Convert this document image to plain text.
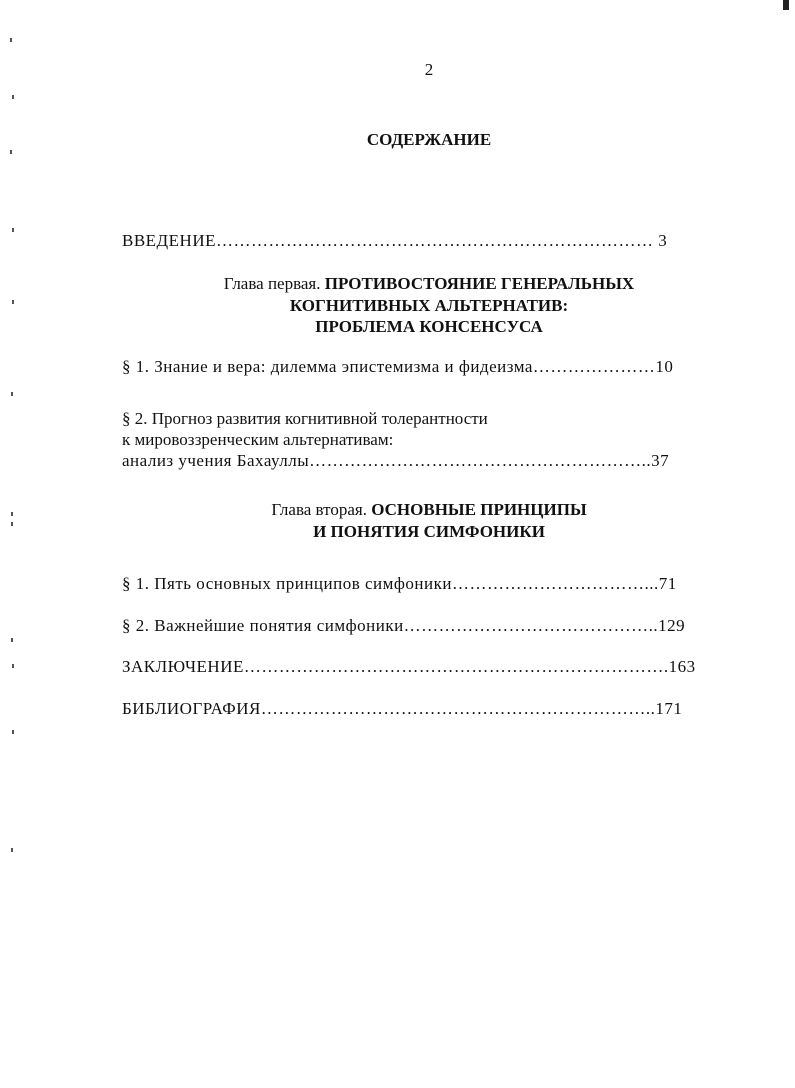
2
СОДЕРЖАНИЕ
ВВЕДЕНИЕ………………………………………………………………… 3
Глава первая. ПРОТИВОСТОЯНИЕ ГЕНЕРАЛЬНЫХ
КОГНИТИВНЫХ АЛЬТЕРНАТИВ:
ПРОБЛЕМА КОНСЕНСУСА
§ 1. Знание и вера: дилемма эпистемизма и фидеизма…………………10
§ 2. Прогноз развития когнитивной толерантности
к мировоззренческим альтернативам:
анализ учения Бахауллы…………………………………………………..37
Глава вторая. ОСНОВНЫЕ ПРИНЦИПЫ
И ПОНЯТИЯ СИМФОНИКИ
§ 1. Пять основных принципов симфоники……………………………...71
§ 2. Важнейшие понятия симфоники……………………………………..129
ЗАКЛЮЧЕНИЕ……………………………………………………………….163
БИБЛИОГРАФИЯ…………………………………………………………..171
